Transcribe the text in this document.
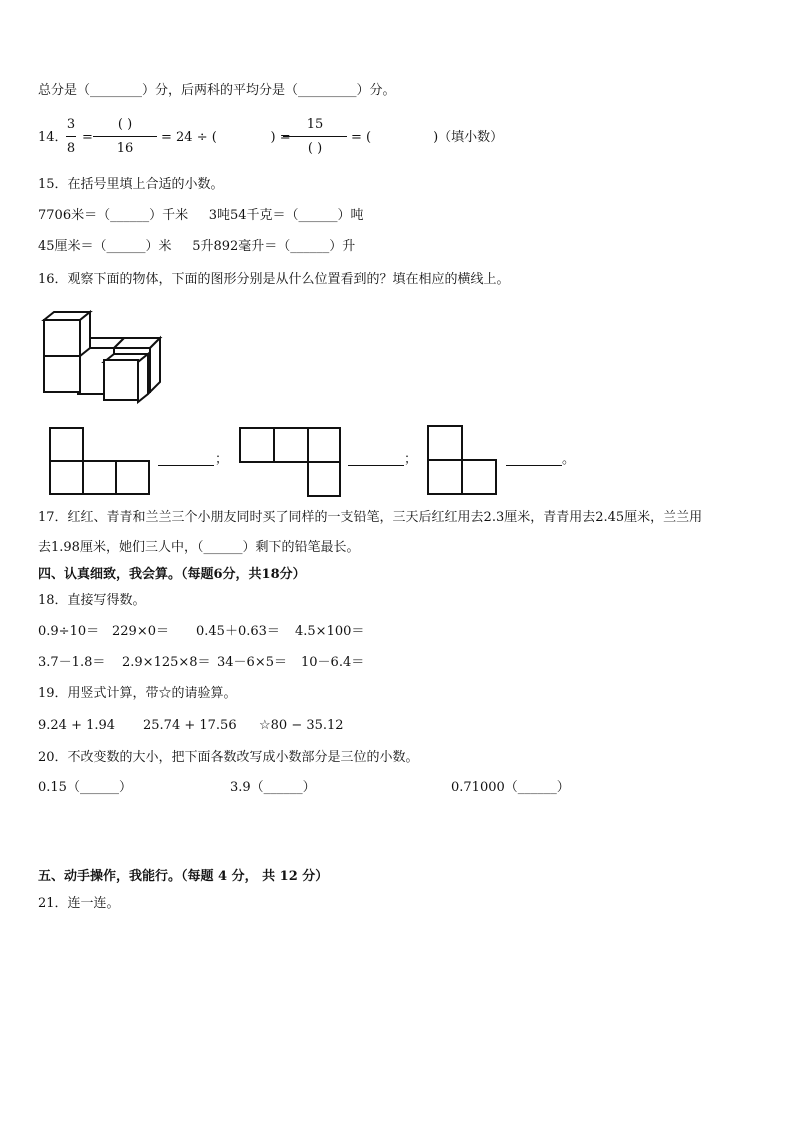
总分是（________）分，后两科的平均分是（_________）分。
14．
3
8
=
( )
16
= 24 ÷ (             ) =
15
( )
= (               )（填小数）
15．在括号里填上合适的小数。
7706米＝（______）千米     3吨54千克＝（______）吨
45厘米＝（______）米     5升892毫升＝（______）升
16．观察下面的物体，下面的图形分别是从什么位置看到的？填在相应的横线上。
；	；	。
17．红红、青青和兰兰三个小朋友同时买了同样的一支铅笔，三天后红红用去2.3厘米，青青用去2.45厘米，兰兰用
去1.98厘米，她们三人中，（______）剩下的铅笔最长。
四、认真细致，我会算。（每题6分，共18分）
18．直接写得数。
0.9÷10＝ 229×0＝ 0.45＋0.63＝ 4.5×100＝
3.7－1.8＝ 2.9×125×8＝ 34－6×5＝ 10－6.4＝
19．用竖式计算，带☆的请验算。
9.24 + 1.94 25.74 + 17.56 ☆80 − 35.12
20．不改变数的大小，把下面各数改写成小数部分是三位的小数。
0.15（______）	3.9（______）	0.71000（______）
五、动手操作，我能行。（每题 4 分， 共 12 分）
21．连一连。
